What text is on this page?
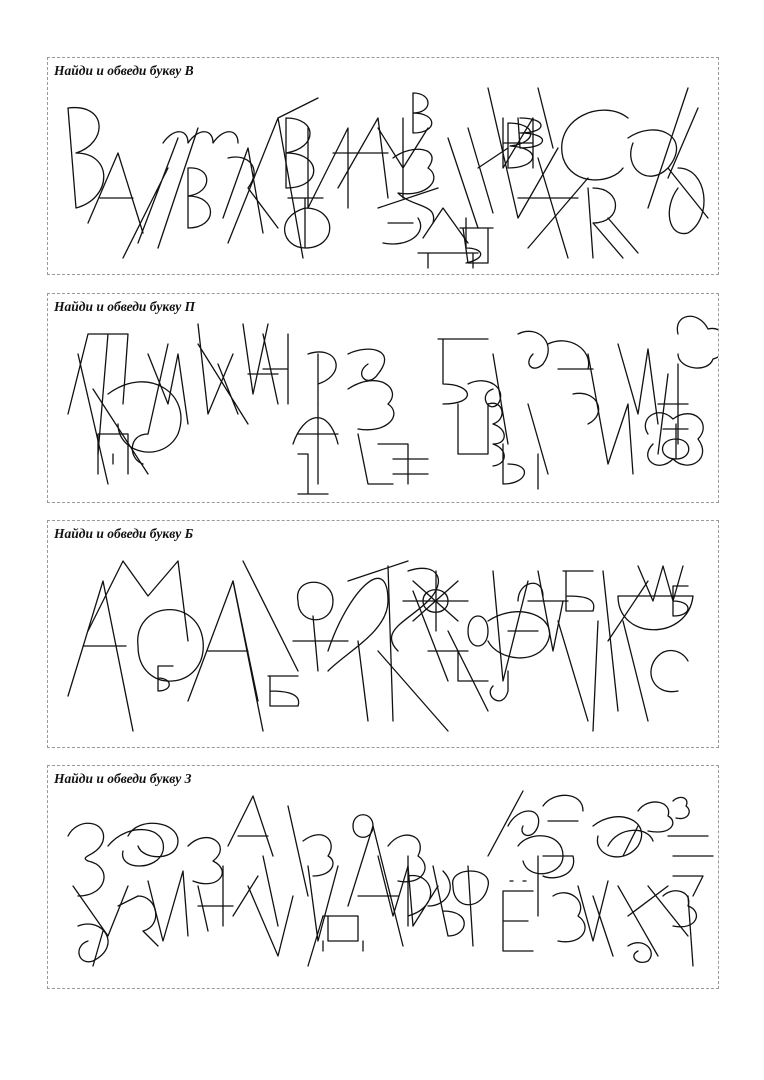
Найди и обведи букву В
Найди и обведи букву П
Найди и обведи букву Б
Найди и обведи букву З
